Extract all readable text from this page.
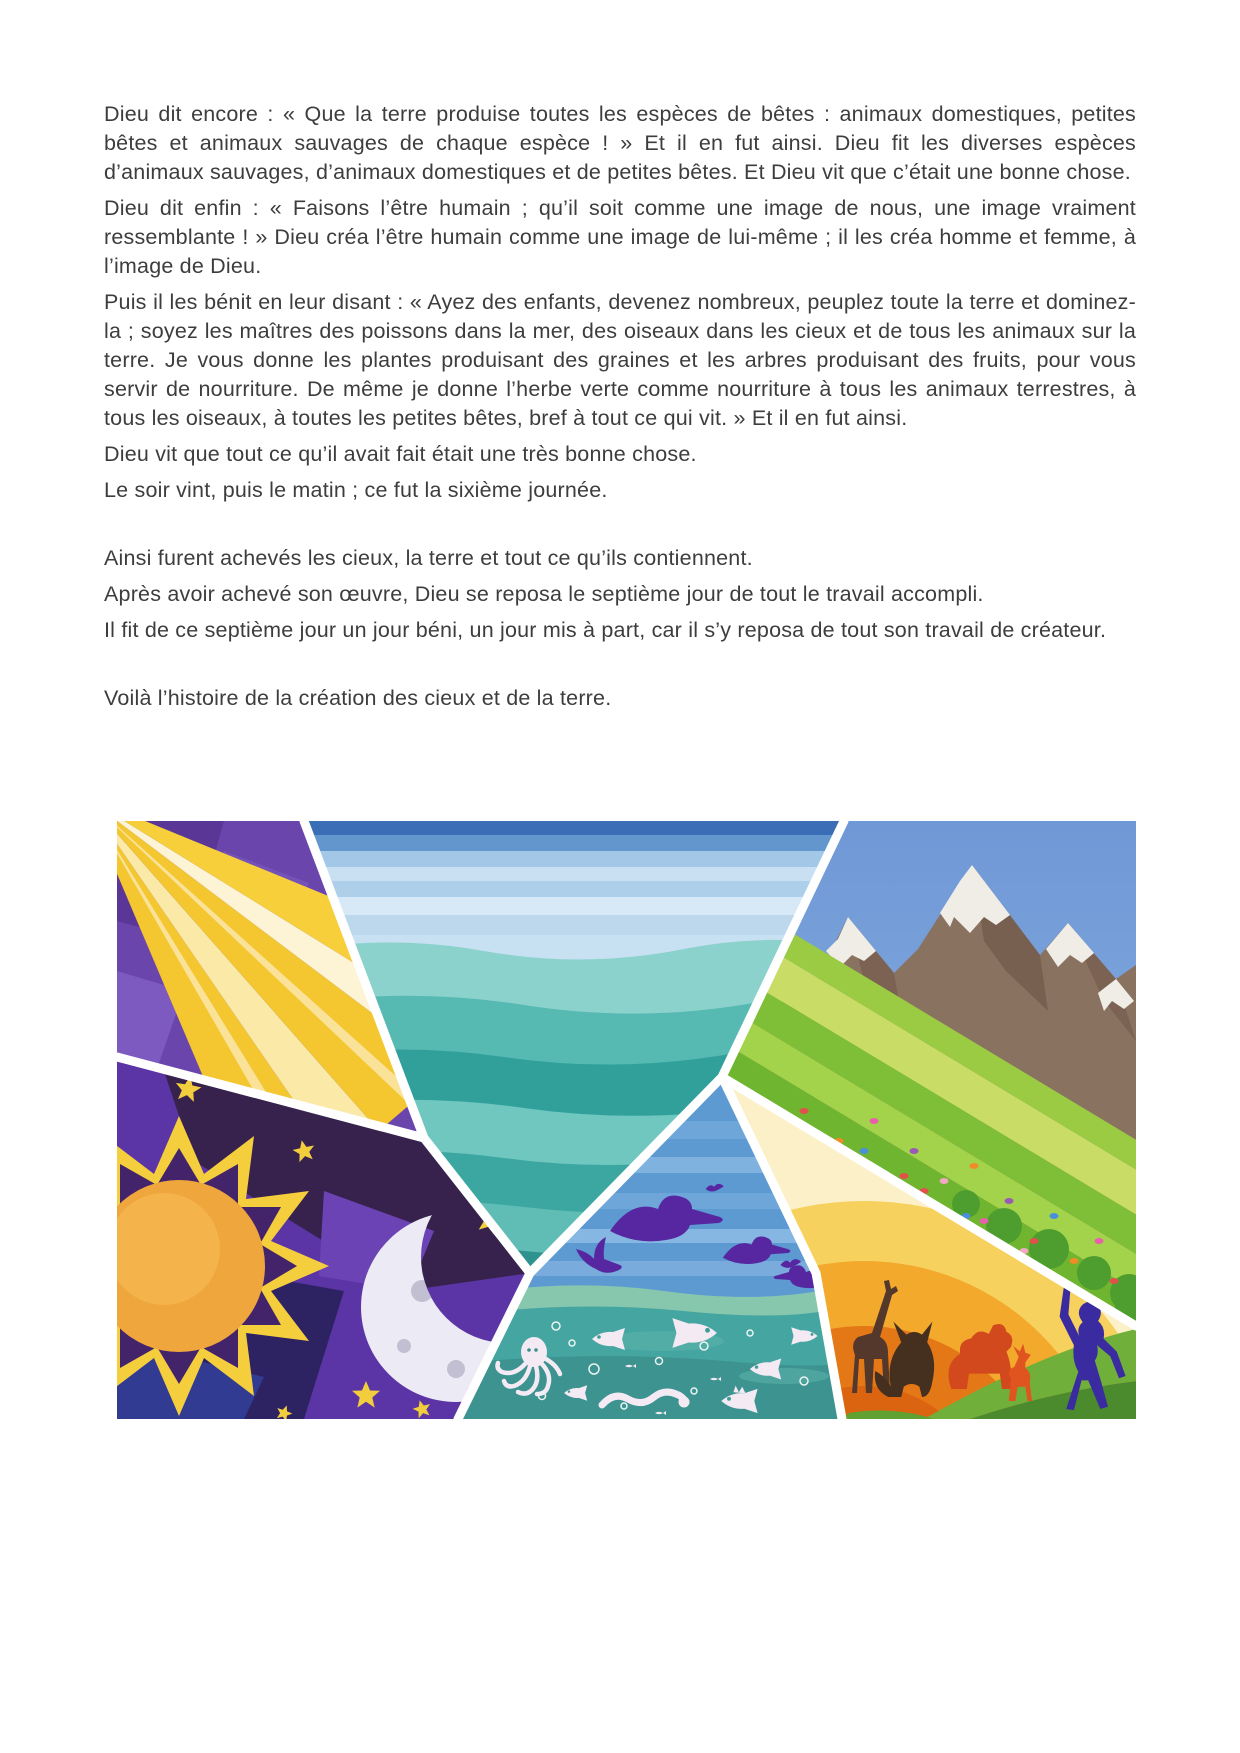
Dieu dit encore : « Que la terre produise toutes les espèces de bêtes : animaux domestiques, petites bêtes et animaux sauvages de chaque espèce ! » Et il en fut ainsi. Dieu fit les diverses espèces d’animaux sauvages, d’animaux domestiques et de petites bêtes. Et Dieu vit que c’était une bonne chose.

Dieu dit enfin : « Faisons l’être humain ; qu’il soit comme une image de nous, une image vraiment ressemblante ! » Dieu créa l’être humain comme une image de lui-même ; il les créa homme et femme, à l’image de Dieu.

Puis il les bénit en leur disant : « Ayez des enfants, devenez nombreux, peuplez toute la terre et dominez-la ; soyez les maîtres des poissons dans la mer, des oiseaux dans les cieux et de tous les animaux sur la terre. Je vous donne les plantes produisant des graines et les arbres produisant des fruits, pour vous servir de nourriture. De même je donne l’herbe verte comme nourriture à tous les animaux terrestres, à tous les oiseaux, à toutes les petites bêtes, bref à tout ce qui vit. » Et il en fut ainsi.

Dieu vit que tout ce qu’il avait fait était une très bonne chose.

Le soir vint, puis le matin ; ce fut la sixième journée.

Ainsi furent achevés les cieux, la terre et tout ce qu’ils contiennent.

Après avoir achevé son œuvre, Dieu se reposa le septième jour de tout le travail accompli.

Il fit de ce septième jour un jour béni, un jour mis à part, car il s’y reposa de tout son travail de créateur.

Voilà l’histoire de la création des cieux et de la terre.
